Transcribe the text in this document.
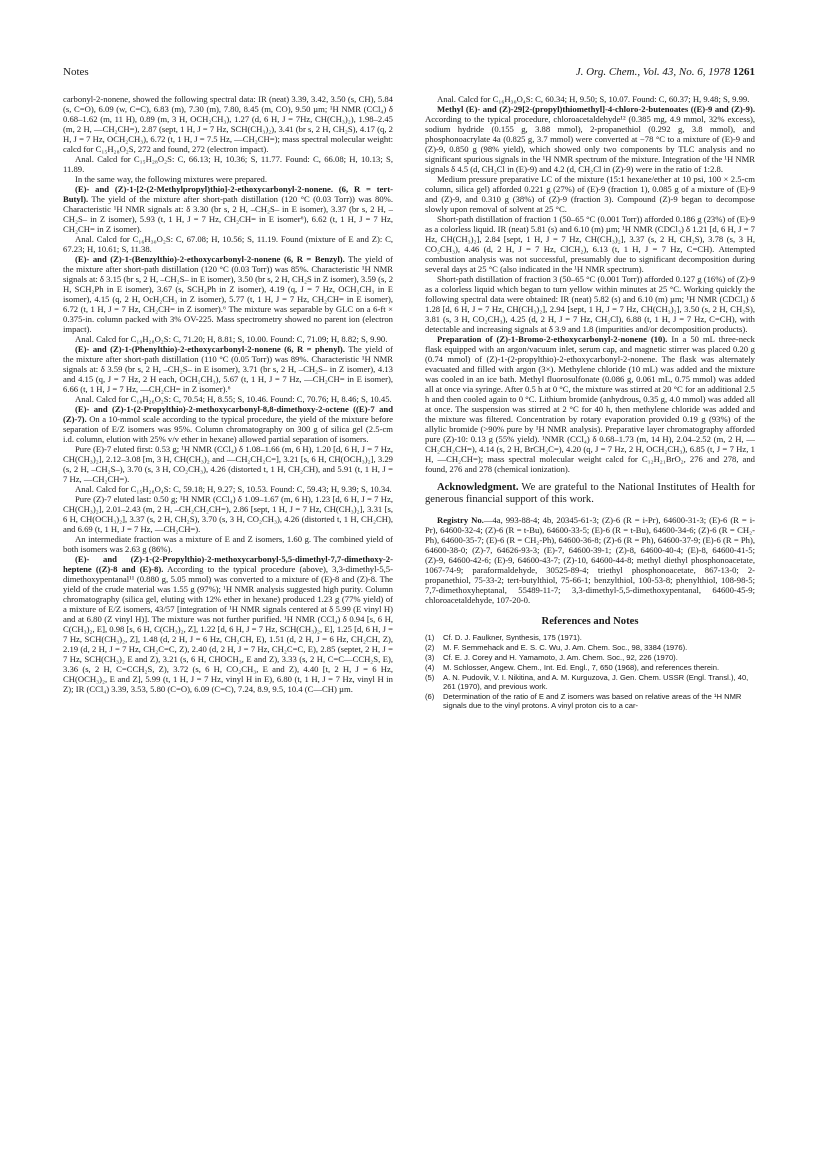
Notes	J. Org. Chem., Vol. 43, No. 6, 1978 1261

carbonyl-2-nonene, showed the following spectral data: IR (neat) 3.39, 3.42, 3.50 (s, CH), 5.84 (s, C=O), 6.09 (w, C=C), 6.83 (m), 7.30 (m), 7.80, 8.45 (m, CO), 9.50 µm; ¹H NMR (CCl₄) δ 0.68–1.62 (m, 11 H), 0.89 (m, 3 H, OCH₂CH₃), 1.27 (d, 6 H, J = 7Hz, CH(CH₃)₂), 1.98–2.45 (m, 2 H, —CH₂CH=), 2.87 (sept, 1 H, J = 7 Hz, SCH(CH₃)₂), 3.41 (br s, 2 H, CH₂S), 4.17 (q, 2 H, J = 7 Hz, OCH₂CH₃), 6.72 (t, 1 H, J = 7.5 Hz, —CH₂CH=); mass spectral molecular weight: calcd for C₁₅H₂₈O₂S, 272 and found, 272 (electron impact).

Anal. Calcd for C₁₅H₂₈O₂S: C, 66.13; H, 10.36; S, 11.77. Found: C, 66.08; H, 10.13; S, 11.89.

In the same way, the following mixtures were prepared.

(E)- and (Z)-1-[2-(2-Methylpropyl)thio]-2-ethoxycarbonyl-2-nonene. (6, R = tert-Butyl). The yield of the mixture after short-path distillation (120 °C (0.03 Torr)) was 80%. Characteristic ¹H NMR signals at: δ 3.30 (br s, 2 H, –CH₂S– in E isomer), 3.37 (br s, 2 H, –CH₂S– in Z isomer), 5.93 (t, 1 H, J = 7 Hz, CH₂CH= in E isomer⁶), 6.62 (t, 1 H, J = 7 Hz, CH₂CH= in Z isomer).

Anal. Calcd for C₁₆H₃₀O₂S: C, 67.08; H, 10.56; S, 11.19. Found (mixture of E and Z): C, 67.23; H, 10.61; S, 11.38.

(E)- and (Z)-1-(Benzylthio)-2-ethoxycarbonyl-2-nonene (6, R = Benzyl). The yield of the mixture after short-path distillation (120 °C (0.03 Torr)) was 85%. Characteristic ¹H NMR signals at: δ 3.15 (br s, 2 H, –CH₂S– in E isomer), 3.50 (br s, 2 H, CH₂S in Z isomer), 3.59 (s, 2 H, SCH₂Ph in E isomer), 3.67 (s, SCH₂Ph in Z isomer), 4.19 (q, J = 7 Hz, OCH₂CH₃ in E isomer), 4.15 (q, 2 H, OcH₂CH₃ in Z isomer), 5.77 (t, 1 H, J = 7 Hz, CH₂CH= in E isomer), 6.72 (t, 1 H, J = 7 Hz, CH₂CH= in Z isomer).⁶ The mixture was separable by GLC on a 6-ft × 0.375-in. column packed with 3% OV-225. Mass spectrometry showed no parent ion (electron impact).

Anal. Calcd for C₁₉H₂₈O₂S: C, 71.20; H, 8.81; S, 10.00. Found: C, 71.09; H, 8.82; S, 9.90.

(E)- and (Z)-1-(Phenylthio)-2-ethoxycarbonyl-2-nonene (6, R = phenyl). The yield of the mixture after short-path distillation (110 °C (0.05 Torr)) was 89%. Characteristic ¹H NMR signals at: δ 3.59 (br s, 2 H, –CH₂S– in E isomer), 3.71 (br s, 2 H, –CH₂S– in Z isomer), 4.13 and 4.15 (q, J = 7 Hz, 2 H each, OCH₂CH₃), 5.67 (t, 1 H, J = 7 Hz, —CH₂CH= in E isomer), 6.66 (t, 1 H, J = 7 Hz, —CH₂CH= in Z isomer).⁶

Anal. Calcd for C₁₈H₂₆O₂S: C, 70.54; H, 8.55; S, 10.46. Found: C, 70.76; H, 8.46; S, 10.45.

(E)- and (Z)-1-(2-Propylthio)-2-methoxycarbonyl-8,8-dimethoxy-2-octene ((E)-7 and (Z)-7). On a 10-mmol scale according to the typical procedure, the yield of the mixture before separation of E/Z isomers was 95%. Column chromatography on 300 g of silica gel (2.5-cm i.d. column, elution with 25% v/v ether in hexane) allowed partial separation of isomers.

Pure (E)-7 eluted first: 0.53 g; ¹H NMR (CCl₄) δ 1.08–1.66 (m, 6 H), 1.20 [d, 6 H, J = 7 Hz, CH(CH₃)₂], 2.12–3.08 [m, 3 H, CH(CH₃)₂ and —CH₂CH₂C=], 3.21 [s, 6 H, CH(OCH₃)₂], 3.29 (s, 2 H, –CH₂S–), 3.70 (s, 3 H, CO₂CH₃), 4.26 (distorted t, 1 H, CH₂CH), and 5.91 (t, 1 H, J = 7 Hz, —CH₂CH=).

Anal. Calcd for C₁₅H₂₈O₄S: C, 59.18; H, 9.27; S, 10.53. Found: C, 59.43; H, 9.39; S, 10.34.

Pure (Z)-7 eluted last: 0.50 g; ¹H NMR (CCl₄) δ 1.09–1.67 (m, 6 H), 1.23 [d, 6 H, J = 7 Hz, CH(CH₃)₂], 2.01–2.43 (m, 2 H, –CH₂CH₂CH=), 2.86 [sept, 1 H, J = 7 Hz, CH(CH₃)₂], 3.31 [s, 6 H, CH(OCH₃)₂], 3.37 (s, 2 H, CH₂S), 3.70 (s, 3 H, CO₂CH₃), 4.26 (distorted t, 1 H, CH₂CH), and 6.69 (t, 1 H, J = 7 Hz, —CH₂CH=).

An intermediate fraction was a mixture of E and Z isomers, 1.60 g. The combined yield of both isomers was 2.63 g (86%).

(E)- and (Z)-1-(2-Propylthio)-2-methoxycarbonyl-5,5-dimethyl-7,7-dimethoxy-2-heptene ((Z)-8 and (E)-8). According to the typical procedure (above), 3,3-dimethyl-5,5-dimethoxypentanal¹¹ (0.880 g, 5.05 mmol) was converted to a mixture of (E)-8 and (Z)-8. The yield of the crude material was 1.55 g (97%); ¹H NMR analysis suggested high purity. Column chromatography (silica gel, eluting with 12% ether in hexane) produced 1.23 g (77% yield) of a mixture of E/Z isomers, 43/57 [integration of ¹H NMR signals centered at δ 5.99 (E vinyl H) and at 6.80 (Z vinyl H)]. The mixture was not further purified. ¹H NMR (CCl₄) δ 0.94 [s, 6 H, C(CH₃)₂, E], 0.98 [s, 6 H, C(CH₃)₂, Z], 1.22 [d, 6 H, J = 7 Hz, SCH(CH₃)₂, E], 1.25 [d, 6 H, J = 7 Hz, SCH(CH₃)₂, Z], 1.48 (d, 2 H, J = 6 Hz, CH₂CH, E), 1.51 (d, 2 H, J = 6 Hz, CH₂CH, Z), 2.19 (d, 2 H, J = 7 Hz, CH₂C=C, Z), 2.40 (d, 2 H, J = 7 Hz, CH₂C=C, E), 2.85 (septet, 2 H, J = 7 Hz, SCH(CH₃)₂ E and Z), 3.21 (s, 6 H, CHOCH₃, E and Z), 3.33 (s, 2 H, C=C—CCH₂S, E), 3.36 (s, 2 H, C=CCH₂S, Z), 3.72 (s, 6 H, CO₂CH₃, E and Z), 4.40 [t, 2 H, J = 6 Hz, CH(OCH₃)₂, E and Z], 5.99 (t, 1 H, J = 7 Hz, vinyl H in E), 6.80 (t, 1 H, J = 7 Hz, vinyl H in Z); IR (CCl₄) 3.39, 3.53, 5.80 (C=O), 6.09 (C=C), 7.24, 8.9, 9.5, 10.4 (C—CH) µm.

Anal. Calcd for C₁₆H₃₀O₄S: C, 60.34; H, 9.50; S, 10.07. Found: C, 60.37; H, 9.48; S, 9.99.

Methyl (E)- and (Z)-29[2-(propyl)thiomethyl]-4-chloro-2-butenoates ((E)-9 and (Z)-9). According to the typical procedure, chloroacetaldehyde¹² (0.385 mg, 4.9 mmol, 32% excess), sodium hydride (0.155 g, 3.88 mmol), 2-propanethiol (0.292 g, 3.8 mmol), and phosphonoacrylate 4a (0.825 g, 3.7 mmol) were converted at −78 °C to a mixture of (E)-9 and (Z)-9, 0.850 g (98% yield), which showed only two components by TLC analysis and no significant spurious signals in the ¹H NMR spectrum of the mixture. Integration of the ¹H NMR signals δ 4.5 (d, CH₂Cl in (E)-9) and 4.2 (d, CH₂Cl in (Z)-9) were in the ratio of 1:2.8.

Medium pressure preparative LC of the mixture (15:1 hexane/ether at 10 psi, 100 × 2.5-cm column, silica gel) afforded 0.221 g (27%) of (E)-9 (fraction 1), 0.085 g of a mixture of (E)-9 and (Z)-9, and 0.310 g (38%) of (Z)-9 (fraction 3). Compound (Z)-9 began to decompose slowly upon removal of solvent at 25 °C.

Short-path distillation of fraction 1 (50–65 °C (0.001 Torr)) afforded 0.186 g (23%) of (E)-9 as a colorless liquid. IR (neat) 5.81 (s) and 6.10 (m) µm; ¹H NMR (CDCl₃) δ 1.21 [d, 6 H, J = 7 Hz, CH(CH₃)₂], 2.84 [sept, 1 H, J = 7 Hz, CH(CH₃)₂], 3.37 (s, 2 H, CH₂S), 3.78 (s, 3 H, CO₂CH₃), 4.46 (d, 2 H, J = 7 Hz, ClCH₂), 6.13 (t, 1 H, J = 7 Hz, C=CH). Attempted combustion analysis was not successful, presumably due to significant decomposition during several days at 25 °C (also indicated in the ¹H NMR spectrum).

Short-path distillation of fraction 3 (50–65 °C (0.001 Torr)) afforded 0.127 g (16%) of (Z)-9 as a colorless liquid which began to turn yellow within minutes at 25 °C. Working quickly the following spectral data were obtained: IR (neat) 5.82 (s) and 6.10 (m) µm; ¹H NMR (CDCl₃) δ 1.28 [d, 6 H, J = 7 Hz, CH(CH₃)₂], 2.94 [sept, 1 H, J = 7 Hz, CH(CH₃)₂], 3.50 (s, 2 H, CH₂S), 3.81 (s, 3 H, CO₂CH₃), 4.25 (d, 2 H, J = 7 Hz, CH₂Cl), 6.88 (t, 1 H, J = 7 Hz, C=CH), with detectable and increasing signals at δ 3.9 and 1.8 (impurities and/or decomposition products).

Preparation of (Z)-1-Bromo-2-ethoxycarbonyl-2-nonene (10). In a 50 mL three-neck flask equipped with an argon/vacuum inlet, serum cap, and magnetic stirrer was placed 0.20 g (0.74 mmol) of (Z)-1-(2-propylthio)-2-ethoxycarbonyl-2-nonene. The flask was alternately evacuated and filled with argon (3×). Methylene chloride (10 mL) was added and the mixture was cooled in an ice bath. Methyl fluorosulfonate (0.086 g, 0.061 mL, 0.75 mmol) was added all at once via syringe. After 0.5 h at 0 °C, the mixture was stirred at 20 °C for an additional 2.5 h and then cooled again to 0 °C. Lithium bromide (anhydrous, 0.35 g, 4.0 mmol) was added all at once. The suspension was stirred at 2 °C for 40 h, then methylene chloride was added and the mixture was filtered. Concentration by rotary evaporation provided 0.19 g (93%) of the allylic bromide (>90% pure by ¹H NMR analysis). Preparative layer chromatography afforded pure (Z)-10: 0.13 g (55% yield). ¹NMR (CCl₄) δ 0.68–1.73 (m, 14 H), 2.04–2.52 (m, 2 H, —CH₂CH₂CH=), 4.14 (s, 2 H, BrCH₂C=), 4.20 (q, J = 7 Hz, 2 H, OCH₂CH₃), 6.85 (t, J = 7 Hz, 1 H, —CH₂CH=); mass spectral molecular weight calcd for C₁₂H₂₁BrO₂, 276 and 278, and found, 276 and 278 (chemical ionization).

Acknowledgment. We are grateful to the National Institutes of Health for generous financial support of this work.

Registry No.—4a, 993-88-4; 4b, 20345-61-3; (Z)-6 (R = i-Pr), 64600-31-3; (E)-6 (R = i-Pr), 64600-32-4; (Z)-6 (R = t-Bu), 64600-33-5; (E)-6 (R = t-Bu), 64600-34-6; (Z)-6 (R = CH₂-Ph), 64600-35-7; (E)-6 (R = CH₂-Ph), 64600-36-8; (Z)-6 (R = Ph), 64600-37-9; (E)-6 (R = Ph), 64600-38-0; (Z)-7, 64626-93-3; (E)-7, 64600-39-1; (Z)-8, 64600-40-4; (E)-8, 64600-41-5; (Z)-9, 64600-42-6; (E)-9, 64600-43-7; (Z)-10, 64600-44-8; methyl diethyl phosphonoacetate, 1067-74-9; paraformaldehyde, 30525-89-4; triethyl phosphonoacetate, 867-13-0; 2-propanethiol, 75-33-2; tert-butylthiol, 75-66-1; benzylthiol, 100-53-8; phenylthiol, 108-98-5; 7,7-dimethoxyheptanal, 55489-11-7; 3,3-dimethyl-5,5-dimethoxypentanal, 64600-45-9; chloroacetaldehyde, 107-20-0.

References and Notes
(1) Cf. D. J. Faulkner, Synthesis, 175 (1971).
(2) M. F. Semmehack and E. S. C. Wu, J. Am. Chem. Soc., 98, 3384 (1976).
(3) Cf. E. J. Corey and H. Yamamoto, J. Am. Chem. Soc., 92, 226 (1970).
(4) M. Schlosser, Angew. Chem., Int. Ed. Engl., 7, 650 (1968), and references therein.
(5) A. N. Pudovik, V. I. Nikitina, and A. M. Kurguzova, J. Gen. Chem. USSR (Engl. Transl.), 40, 261 (1970), and previous work.
(6) Determination of the ratio of E and Z isomers was based on relative areas of the ¹H NMR signals due to the vinyl protons. A vinyl proton cis to a car-
